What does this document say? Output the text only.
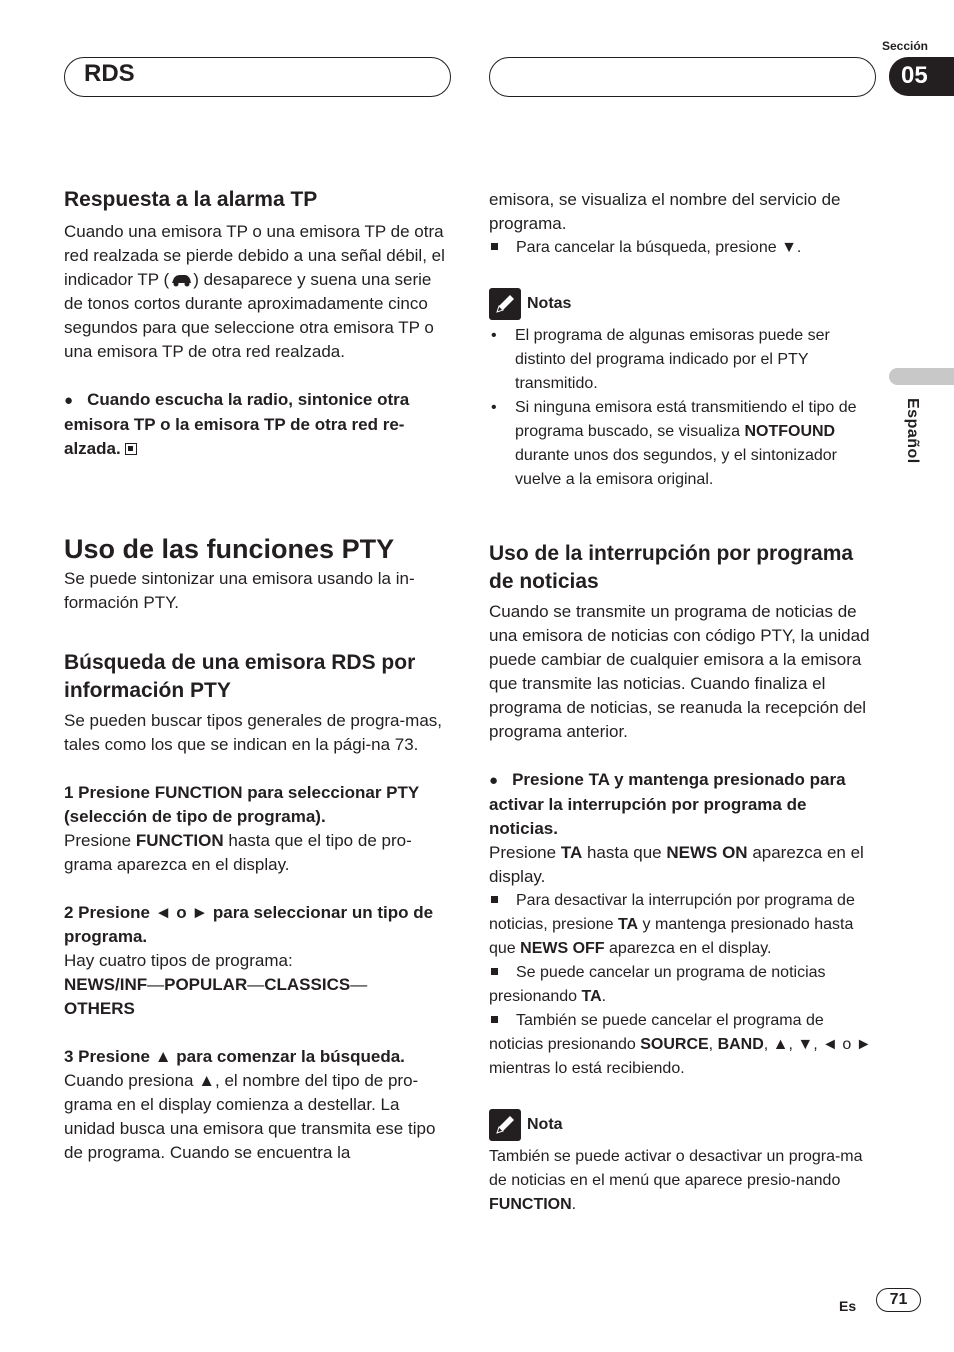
RDS
Sección
05
Español

Respuesta a la alarma TP

Cuando una emisora TP o una emisora TP de otra red realzada se pierde debido a una señal débil, el indicador TP ( ) desaparece y suena una serie de tonos cortos durante aproximadamente cinco segundos para que seleccione otra emisora TP o una emisora TP de otra red realzada.

● Cuando escucha la radio, sintonice otra emisora TP o la emisora TP de otra red re-alzada.

Uso de las funciones PTY

Se puede sintonizar una emisora usando la in-formación PTY.

Búsqueda de una emisora RDS por información PTY

Se pueden buscar tipos generales de progra-mas, tales como los que se indican en la pági-na 73.

1 Presione FUNCTION para seleccionar PTY (selección de tipo de programa).

Presione FUNCTION hasta que el tipo de pro-grama aparezca en el display.

2 Presione ◄ o ► para seleccionar un tipo de programa.

Hay cuatro tipos de programa:

NEWS/INF—POPULAR—CLASSICS—
OTHERS

3 Presione ▲ para comenzar la búsqueda.

Cuando presiona ▲, el nombre del tipo de pro-grama en el display comienza a destellar. La unidad busca una emisora que transmita ese tipo de programa. Cuando se encuentra la

emisora, se visualiza el nombre del servicio de programa.

Para cancelar la búsqueda, presione ▼.

Notas

• El programa de algunas emisoras puede ser distinto del programa indicado por el PTY transmitido.

• Si ninguna emisora está transmitiendo el tipo de programa buscado, se visualiza NOTFOUND durante unos dos segundos, y el sintonizador vuelve a la emisora original.

Uso de la interrupción por programa de noticias

Cuando se transmite un programa de noticias de una emisora de noticias con código PTY, la unidad puede cambiar de cualquier emisora a la emisora que transmite las noticias. Cuando finaliza el programa de noticias, se reanuda la recepción del programa anterior.

● Presione TA y mantenga presionado para activar la interrupción por programa de noticias.

Presione TA hasta que NEWS ON aparezca en el display.

Para desactivar la interrupción por programa de noticias, presione TA y mantenga presionado hasta que NEWS OFF aparezca en el display.

Se puede cancelar un programa de noticias presionando TA.

También se puede cancelar el programa de noticias presionando SOURCE, BAND, ▲, ▼, ◄ o ► mientras lo está recibiendo.

Nota

También se puede activar o desactivar un progra-ma de noticias en el menú que aparece presio-nando FUNCTION.

Es	71
